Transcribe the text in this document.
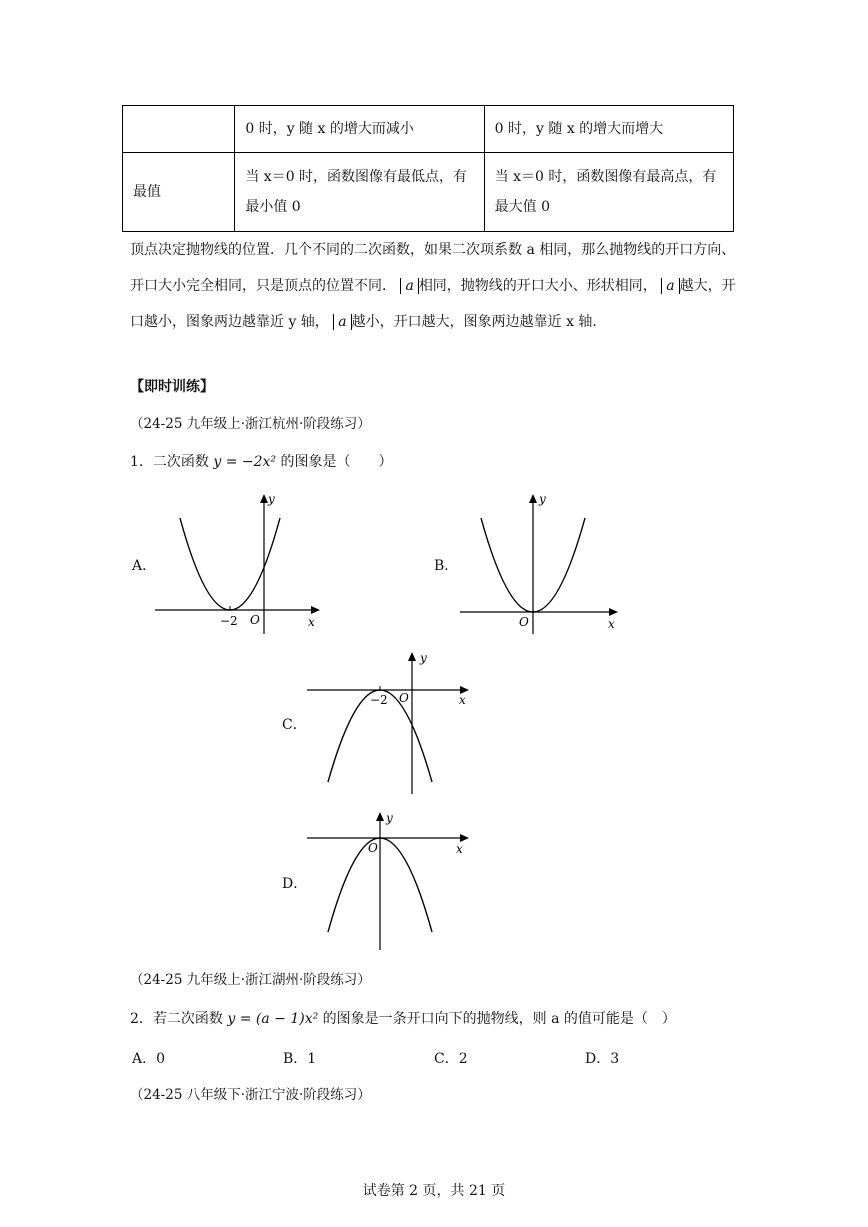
	0 时，y 随 x 的增大而减小	0 时，y 随 x 的增大而增大
最值	当 x＝0 时，函数图像有最低点，有最小值 0	当 x＝0 时，函数图像有最高点，有最大值 0
顶点决定抛物线的位置．几个不同的二次函数，如果二次项系数 a 相同，那么抛物线的开口方向、开口大小完全相同，只是顶点的位置不同． a 相同，抛物线的开口大小、形状相同， a 越大，开口越小，图象两边越靠近 y 轴， a 越小，开口越大，图象两边越靠近 x 轴．
【即时训练】
（24-25 九年级上·浙江杭州·阶段练习）
1．二次函数 y = −2x² 的图象是（　　）
A．
y
x
O
−2
B．
y
x
O
C．
y
x
O
−2
D．
y
x
O
（24-25 九年级上·浙江湖州·阶段练习）
2．若二次函数 y = (a − 1)x² 的图象是一条开口向下的抛物线，则 a 的值可能是（　）
A．0	B．1	C．2	D．3
（24-25 八年级下·浙江宁波·阶段练习）
试卷第 2 页，共 21 页
